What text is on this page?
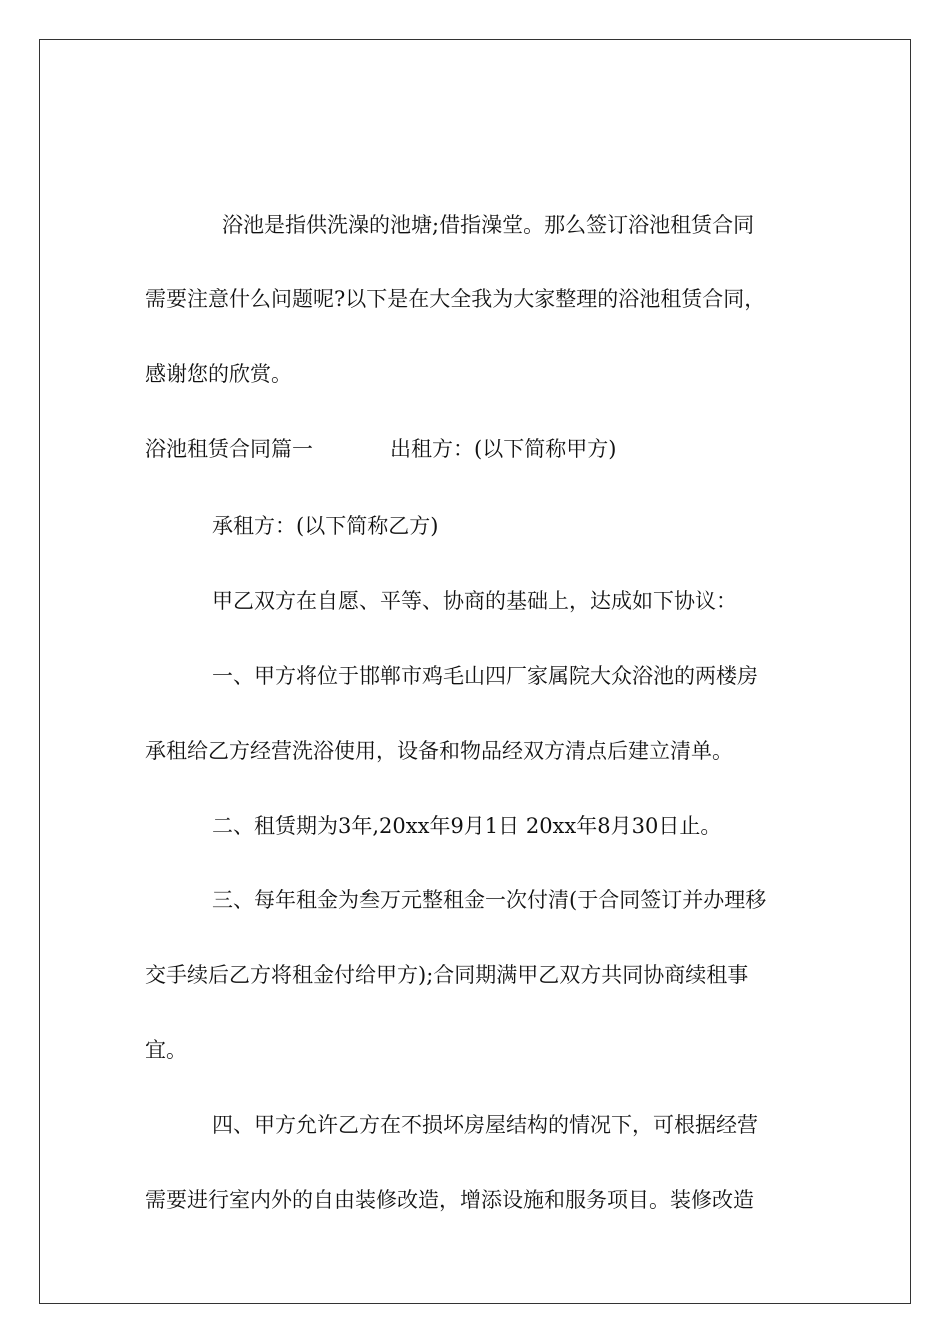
浴池是指供洗澡的池塘;借指澡堂。那么签订浴池租赁合同
需要注意什么问题呢?以下是在大全我为大家整理的浴池租赁合同，
感谢您的欣赏。
浴池租赁合同篇一	出租方：(以下简称甲方)
承租方：(以下简称乙方)
甲乙双方在自愿、平等、协商的基础上，达成如下协议：
一、甲方将位于邯郸市鸡毛山四厂家属院大众浴池的两楼房
承租给乙方经营洗浴使用，设备和物品经双方清点后建立清单。
二、租赁期为3年,20xx年9月1日 20xx年8月30日止。
三、每年租金为叁万元整租金一次付清(于合同签订并办理移
交手续后乙方将租金付给甲方);合同期满甲乙双方共同协商续租事
宜。
四、甲方允许乙方在不损坏房屋结构的情况下，可根据经营
需要进行室内外的自由装修改造，增添设施和服务项目。装修改造
